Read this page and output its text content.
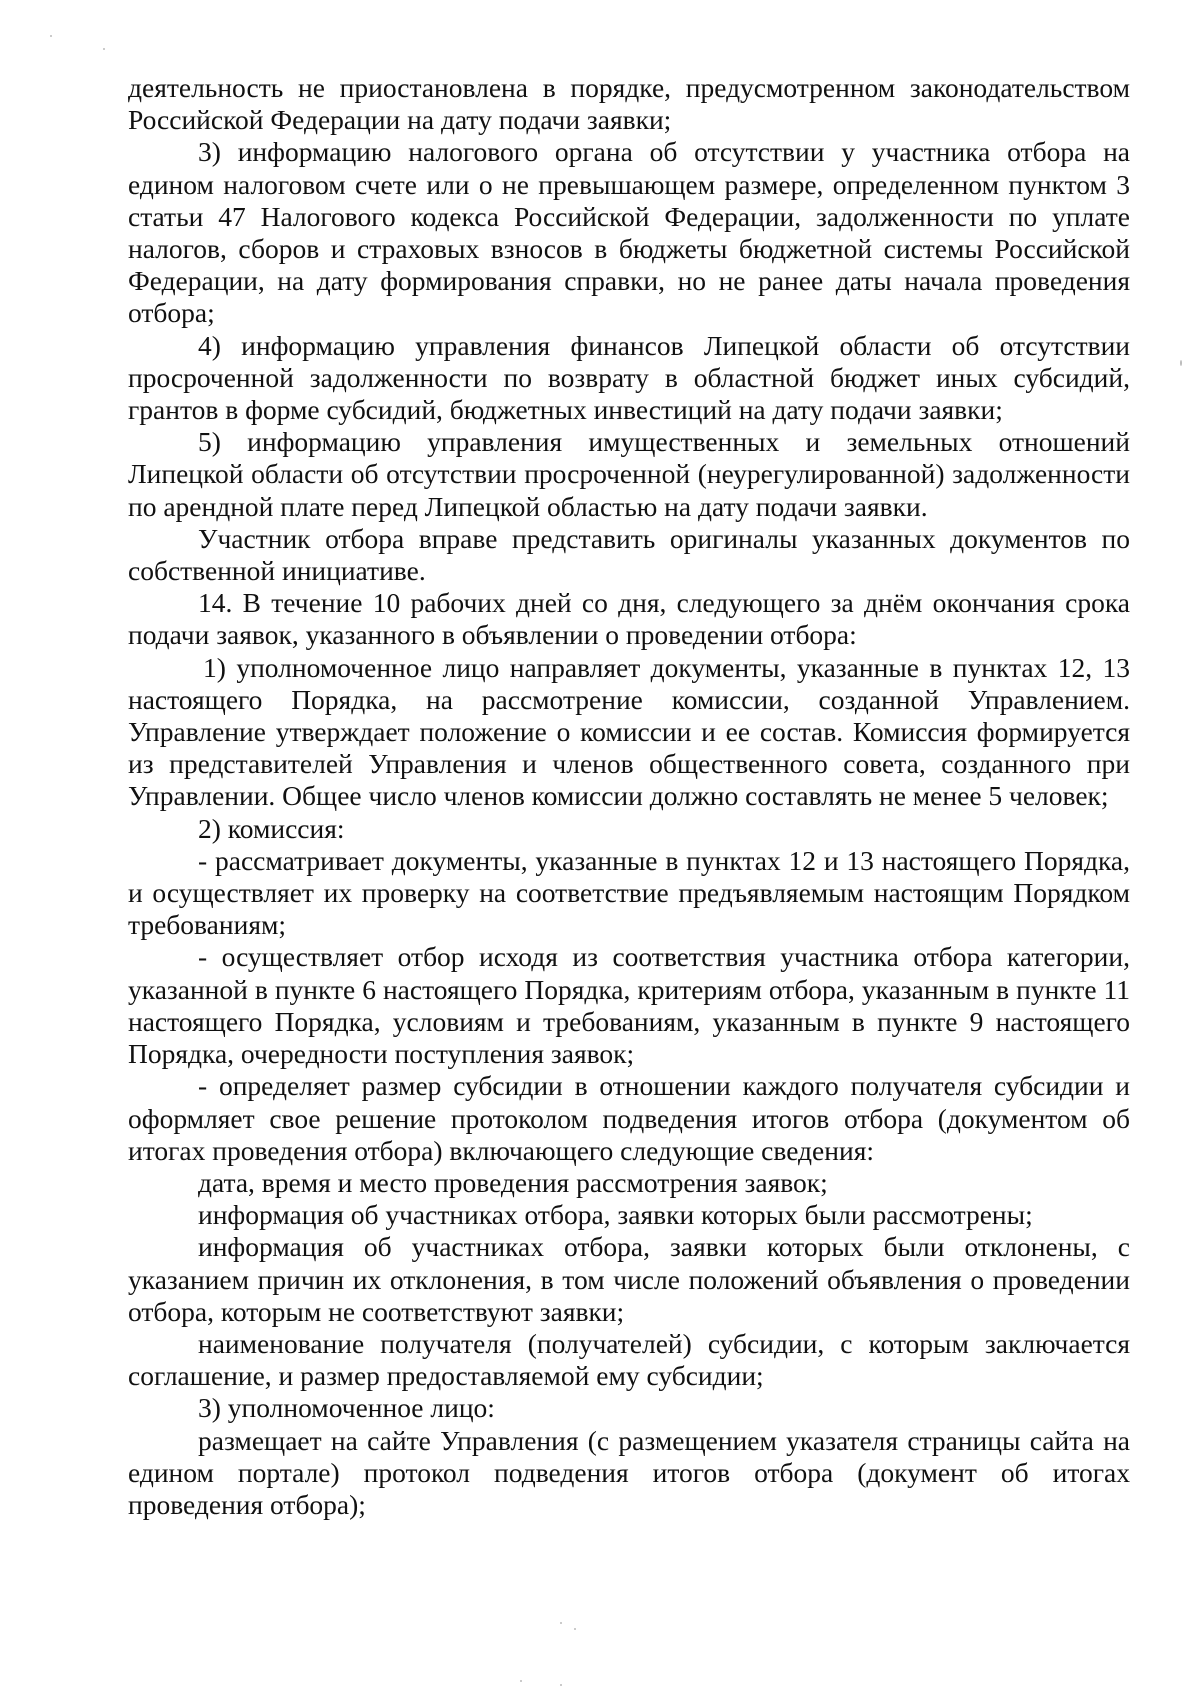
деятельность не приостановлена в порядке, предусмотренном законодательством Российской Федерации на дату подачи заявки;

3) информацию налогового органа об отсутствии у участника отбора на едином налоговом счете или о не превышающем размере, определенном пунктом 3 статьи 47 Налогового кодекса Российской Федерации, задолженности по уплате налогов, сборов и страховых взносов в бюджеты бюджетной системы Российской Федерации, на дату формирования справки, но не ранее даты начала проведения отбора;

4) информацию управления финансов Липецкой области об отсутствии просроченной задолженности по возврату в областной бюджет иных субсидий, грантов в форме субсидий, бюджетных инвестиций на дату подачи заявки;

5) информацию управления имущественных и земельных отношений Липецкой области об отсутствии просроченной (неурегулированной) задолженности по арендной плате перед Липецкой областью на дату подачи заявки.

Участник отбора вправе представить оригиналы указанных документов по собственной инициативе.

14. В течение 10 рабочих дней со дня, следующего за днём окончания срока подачи заявок, указанного в объявлении о проведении отбора:

1) уполномоченное лицо направляет документы, указанные в пунктах 12, 13 настоящего Порядка, на рассмотрение комиссии, созданной Управлением. Управление утверждает положение о комиссии и ее состав. Комиссия формируется из представителей Управления и членов общественного совета, созданного при Управлении. Общее число членов комиссии должно составлять не менее 5 человек;

2) комиссия:

- рассматривает документы, указанные в пунктах 12 и 13 настоящего Порядка, и осуществляет их проверку на соответствие предъявляемым настоящим Порядком требованиям;

- осуществляет отбор исходя из соответствия участника отбора категории, указанной в пункте 6 настоящего Порядка, критериям отбора, указанным в пункте 11 настоящего Порядка, условиям и требованиям, указанным в пункте 9 настоящего Порядка, очередности поступления заявок;

- определяет размер субсидии в отношении каждого получателя субсидии и оформляет свое решение протоколом подведения итогов отбора (документом об итогах проведения отбора) включающего следующие сведения:

дата, время и место проведения рассмотрения заявок;

информация об участниках отбора, заявки которых были рассмотрены;

информация об участниках отбора, заявки которых были отклонены, с указанием причин их отклонения, в том числе положений объявления о проведении отбора, которым не соответствуют заявки;

наименование получателя (получателей) субсидии, с которым заключается соглашение, и размер предоставляемой ему субсидии;

3) уполномоченное лицо:

размещает на сайте Управления (с размещением указателя страницы сайта на едином портале) протокол подведения итогов отбора (документ об итогах проведения отбора);
